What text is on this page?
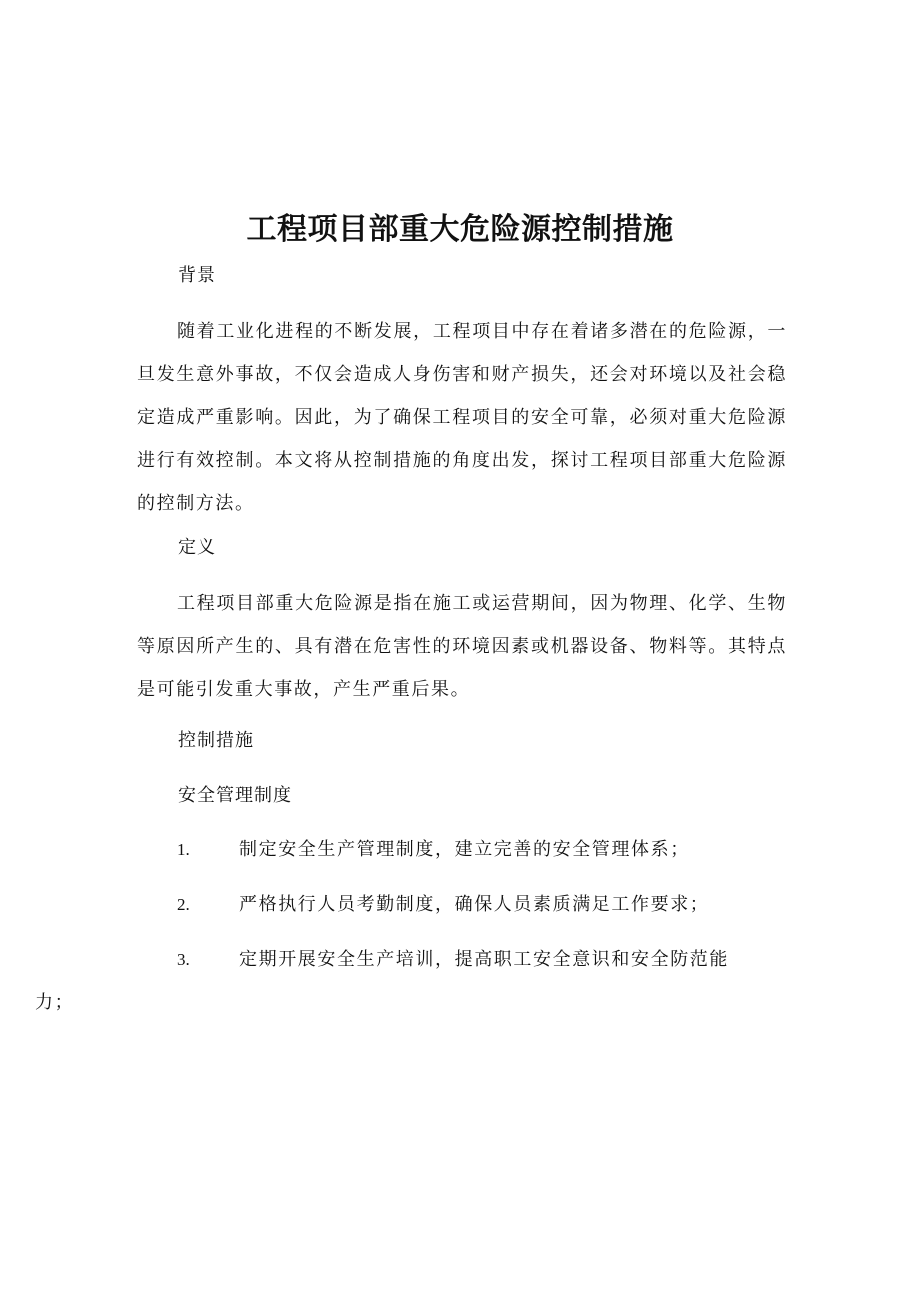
工程项目部重大危险源控制措施
背景
随着工业化进程的不断发展，工程项目中存在着诸多潜在的危险源，一旦发生意外事故，不仅会造成人身伤害和财产损失，还会对环境以及社会稳定造成严重影响。因此，为了确保工程项目的安全可靠，必须对重大危险源进行有效控制。本文将从控制措施的角度出发，探讨工程项目部重大危险源的控制方法。
定义
工程项目部重大危险源是指在施工或运营期间，因为物理、化学、生物等原因所产生的、具有潜在危害性的环境因素或机器设备、物料等。其特点是可能引发重大事故，产生严重后果。
控制措施
安全管理制度
1.	制定安全生产管理制度，建立完善的安全管理体系；
2.	严格执行人员考勤制度，确保人员素质满足工作要求；
3.	定期开展安全生产培训，提高职工安全意识和安全防范能
力；
